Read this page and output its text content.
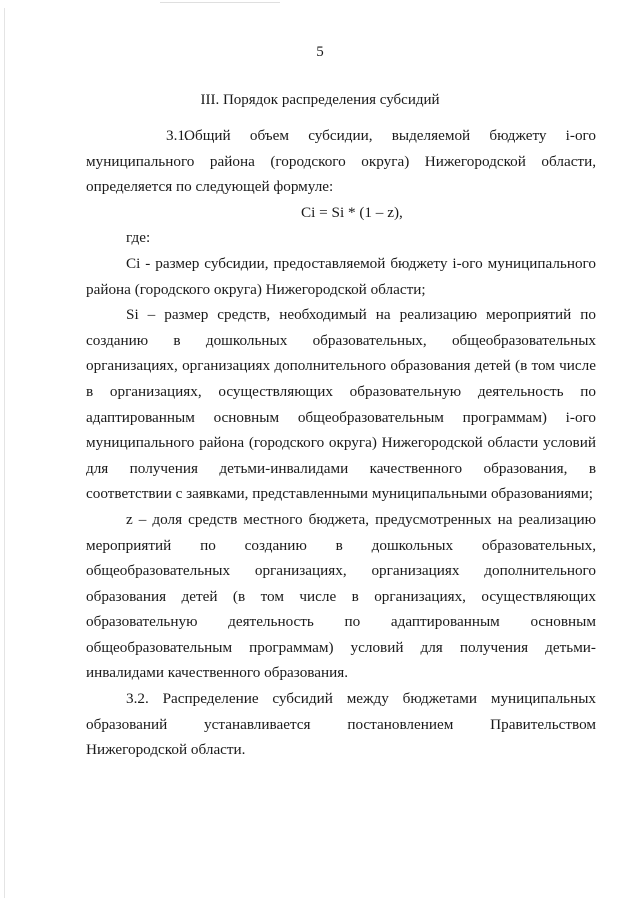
5
III. Порядок распределения субсидий

3.1.Общий объем субсидии, выделяемой бюджету i-ого муниципального района (городского округа) Нижегородской области, определяется по следующей формуле:

Ci = Si * (1 – z),

где:

Ci - размер субсидии, предоставляемой бюджету i-ого муниципального района (городского округа) Нижегородской области;

Si – размер средств, необходимый на реализацию мероприятий по созданию в дошкольных образовательных, общеобразовательных организациях, организациях дополнительного образования детей (в том числе в организациях, осуществляющих образовательную деятельность по адаптированным основным общеобразовательным программам) i-ого муниципального района (городского округа) Нижегородской области условий для получения детьми-инвалидами качественного образования, в соответствии с заявками, представленными муниципальными образованиями;

z – доля средств местного бюджета, предусмотренных на реализацию мероприятий по созданию в дошкольных образовательных, общеобразовательных организациях, организациях дополнительного образования детей (в том числе в организациях, осуществляющих образовательную деятельность по адаптированным основным общеобразовательным программам) условий для получения детьми-инвалидами качественного образования.

3.2. Распределение субсидий между бюджетами муниципальных образований устанавливается постановлением Правительством Нижегородской области.
